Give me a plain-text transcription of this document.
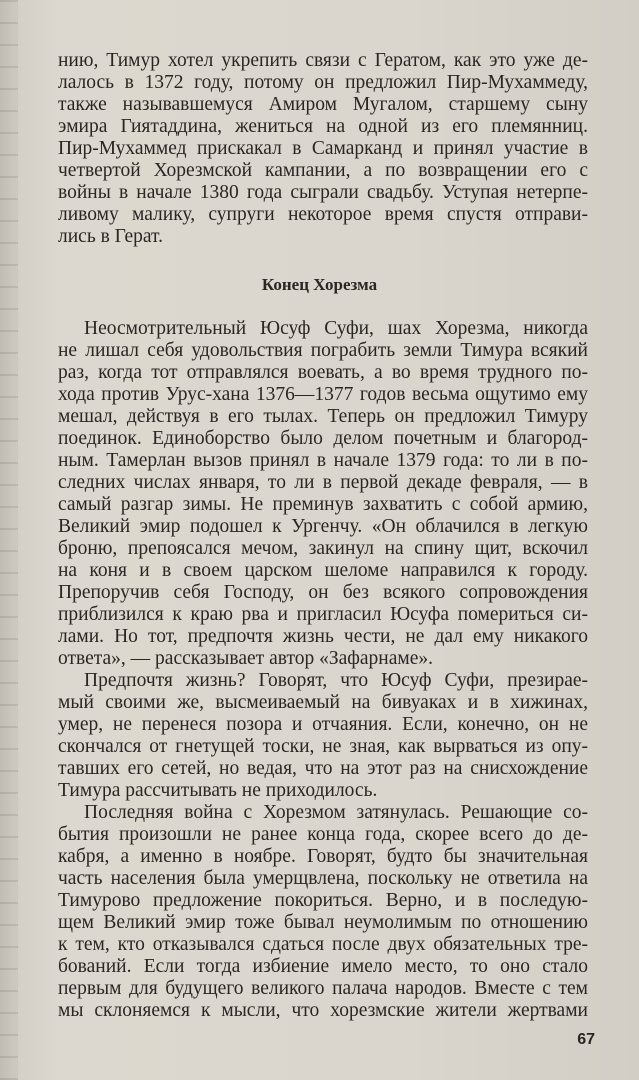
нию, Тимур хотел укрепить связи с Гератом, как это уже де-
лалось в 1372 году, потому он предложил Пир-Мухаммеду,
также называвшемуся Амиром Мугалом, старшему сыну
эмира Гиятаддина, жениться на одной из его племянниц.
Пир-Мухаммед прискакал в Самарканд и принял участие в
четвертой Хорезмской кампании, а по возвращении его с
войны в начале 1380 года сыграли свадьбу. Уступая нетерпе-
ливому малику, супруги некоторое время спустя отправи-
лись в Герат.
Конец Хорезма
Неосмотрительный Юсуф Суфи, шах Хорезма, никогда
не лишал себя удовольствия пограбить земли Тимура всякий
раз, когда тот отправлялся воевать, а во время трудного по-
хода против Урус-хана 1376—1377 годов весьма ощутимо ему
мешал, действуя в его тылах. Теперь он предложил Тимуру
поединок. Единоборство было делом почетным и благород-
ным. Тамерлан вызов принял в начале 1379 года: то ли в по-
следних числах января, то ли в первой декаде февраля, — в
самый разгар зимы. Не преминув захватить с собой армию,
Великий эмир подошел к Ургенчу. «Он облачился в легкую
броню, препоясался мечом, закинул на спину щит, вскочил
на коня и в своем царском шеломе направился к городу.
Препоручив себя Господу, он без всякого сопровождения
приблизился к краю рва и пригласил Юсуфа помериться си-
лами. Но тот, предпочтя жизнь чести, не дал ему никакого
ответа», — рассказывает автор «Зафарнаме».
Предпочтя жизнь? Говорят, что Юсуф Суфи, презирае-
мый своими же, высмеиваемый на бивуаках и в хижинах,
умер, не перенеся позора и отчаяния. Если, конечно, он не
скончался от гнетущей тоски, не зная, как вырваться из опу-
тавших его сетей, но ведая, что на этот раз на снисхождение
Тимура рассчитывать не приходилось.
Последняя война с Хорезмом затянулась. Решающие со-
бытия произошли не ранее конца года, скорее всего до де-
кабря, а именно в ноябре. Говорят, будто бы значительная
часть населения была умерщвлена, поскольку не ответила на
Тимурово предложение покориться. Верно, и в последую-
щем Великий эмир тоже бывал неумолимым по отношению
к тем, кто отказывался сдаться после двух обязательных тре-
бований. Если тогда избиение имело место, то оно стало
первым для будущего великого палача народов. Вместе с тем
мы склоняемся к мысли, что хорезмские жители жертвами
67
